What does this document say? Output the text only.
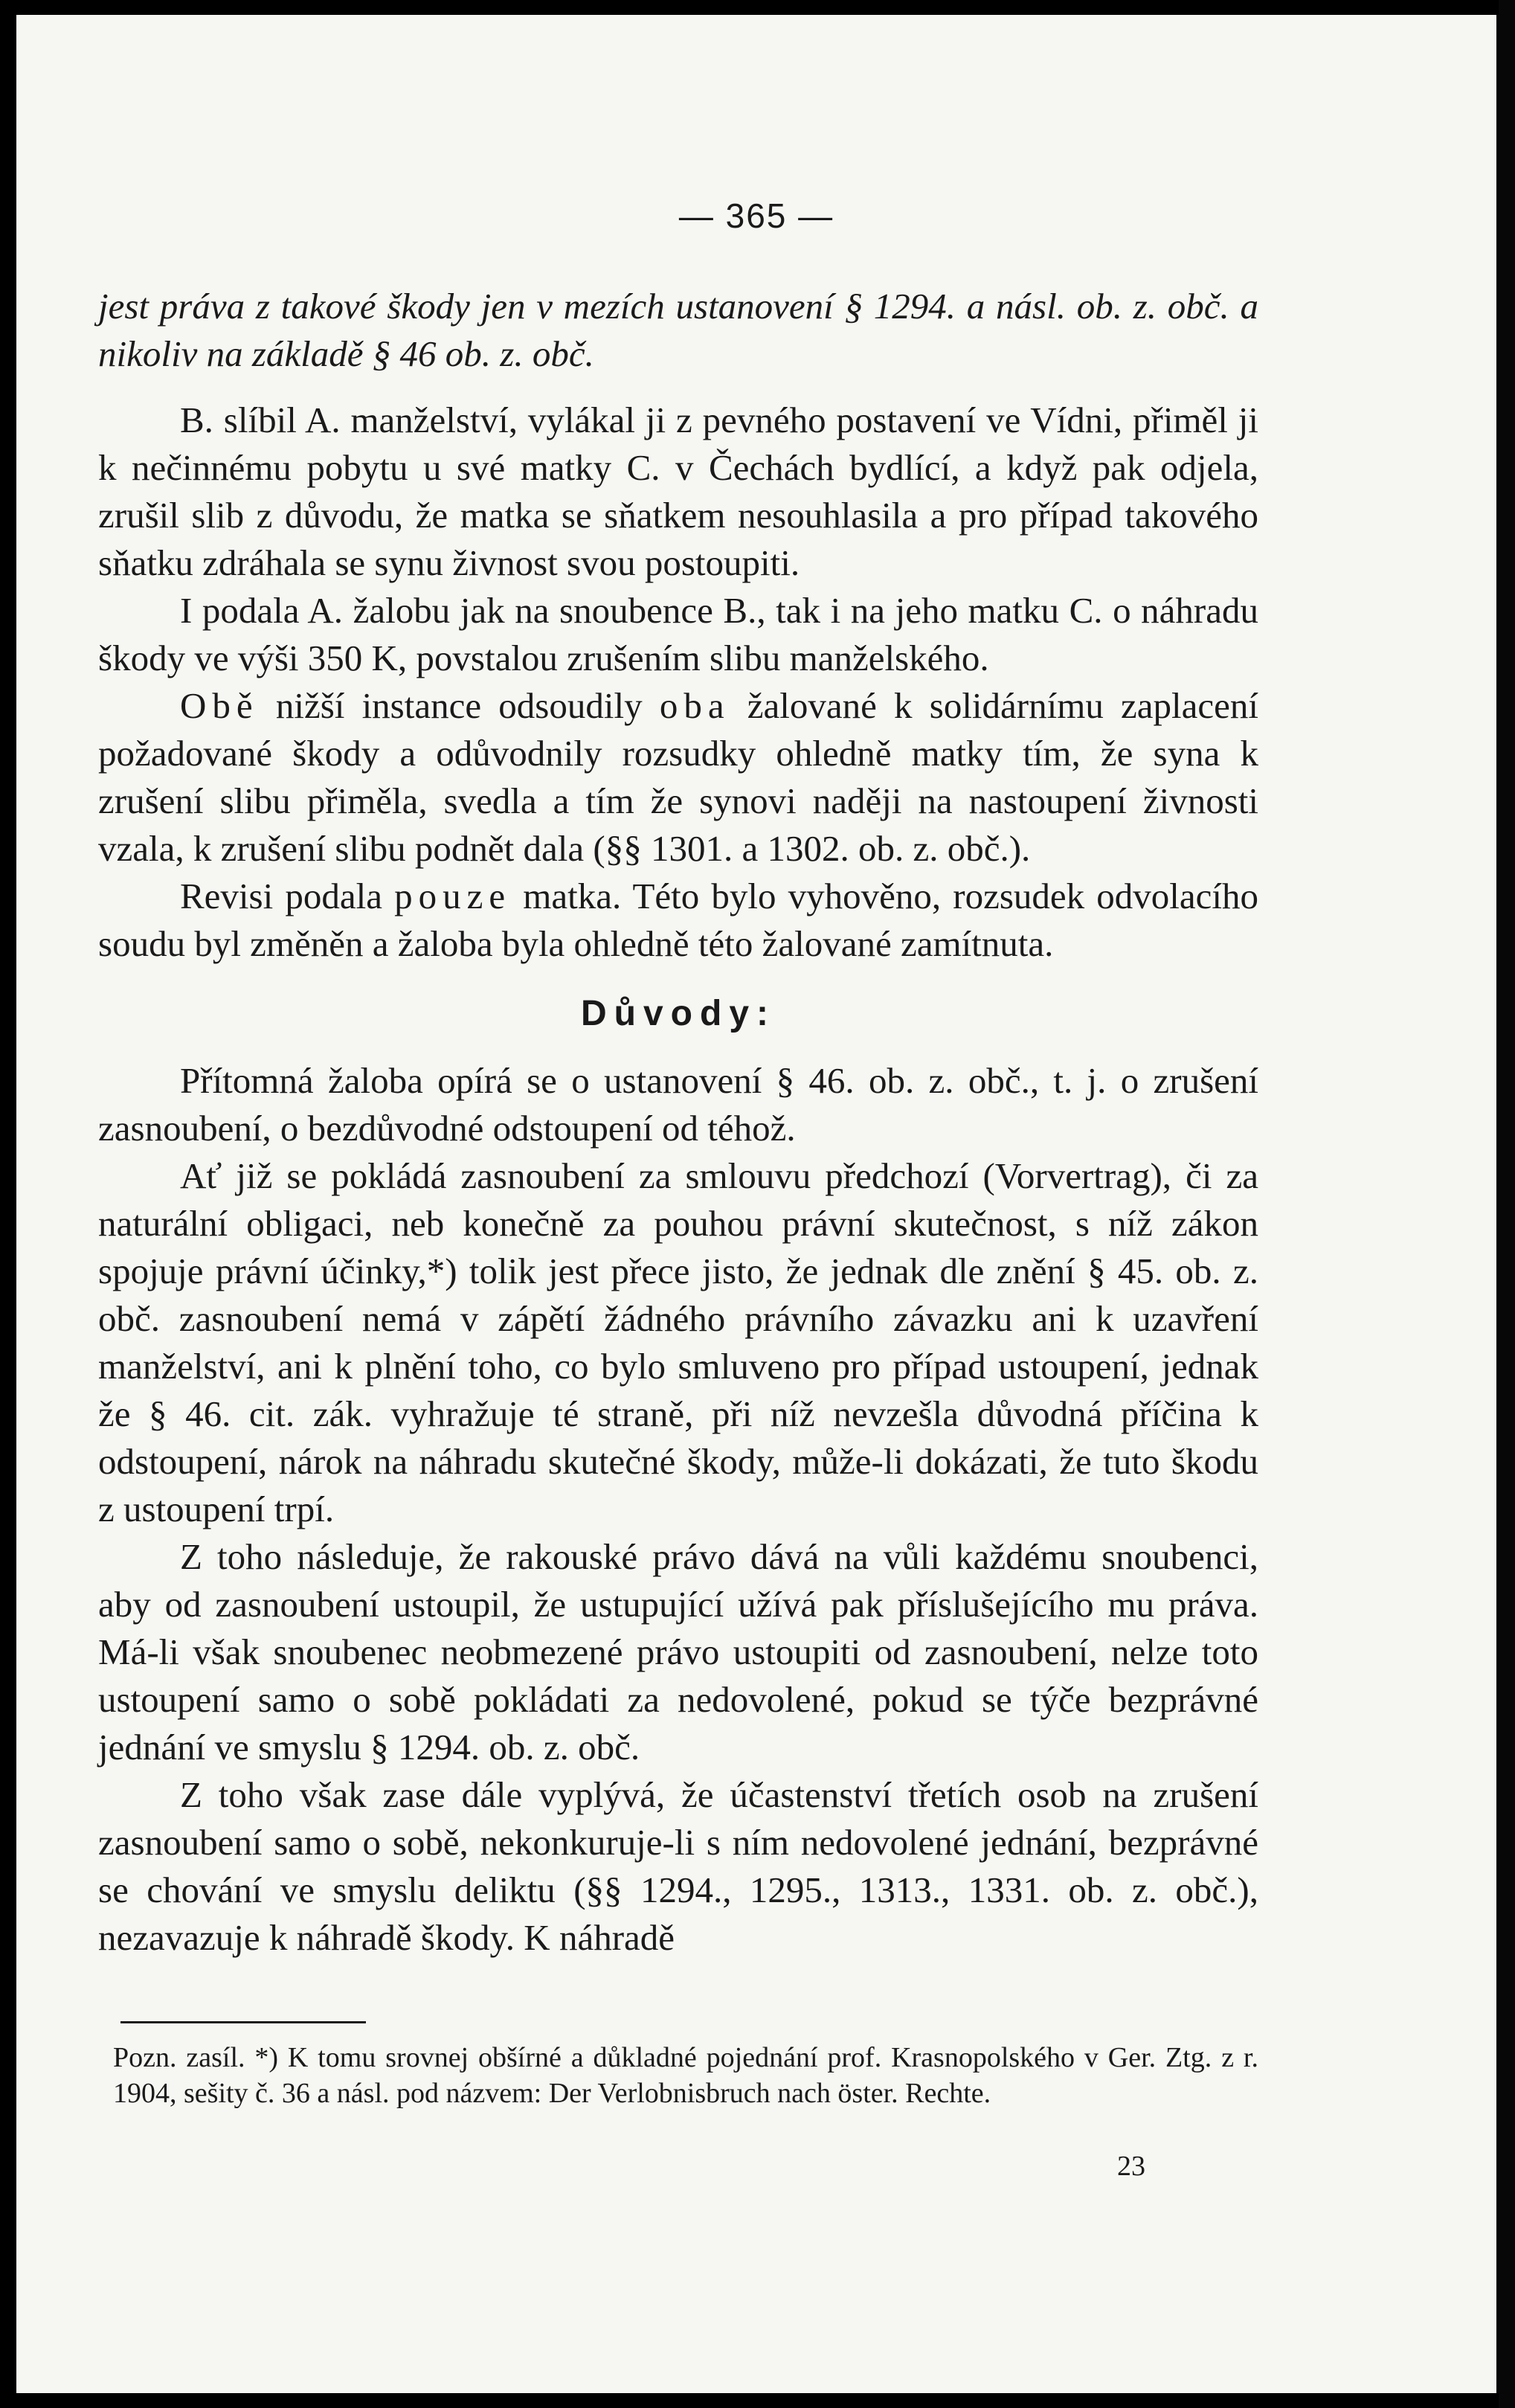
— 365 —

jest práva z takové škody jen v mezích ustanovení § 1294. a násl. ob. z. obč. a nikoliv na základě § 46 ob. z. obč.

B. slíbil A. manželství, vylákal ji z pevného postavení ve Vídni, přiměl ji k nečinnému pobytu u své matky C. v Čechách bydlící, a když pak odjela, zrušil slib z důvodu, že matka se sňatkem nesouhlasila a pro případ takového sňatku zdráhala se synu živnost svou postoupiti.

I podala A. žalobu jak na snoubence B., tak i na jeho matku C. o náhradu škody ve výši 350 K, povstalou zrušením slibu manželského.

Obě nižší instance odsoudily oba žalované k solidárnímu zaplacení požadované škody a odůvodnily rozsudky ohledně matky tím, že syna k zrušení slibu přiměla, svedla a tím že synovi naději na nastoupení živnosti vzala, k zrušení slibu podnět dala (§§ 1301. a 1302. ob. z. obč.).

Revisi podala pouze matka. Této bylo vyhověno, rozsudek odvolacího soudu byl změněn a žaloba byla ohledně této žalované zamítnuta.

Důvody:

Přítomná žaloba opírá se o ustanovení § 46. ob. z. obč., t. j. o zrušení zasnoubení, o bezdůvodné odstoupení od téhož.

Ať již se pokládá zasnoubení za smlouvu předchozí (Vorvertrag), či za naturální obligaci, neb konečně za pouhou právní skutečnost, s níž zákon spojuje právní účinky,*) tolik jest přece jisto, že jednak dle znění § 45. ob. z. obč. zasnoubení nemá v zápětí žádného právního závazku ani k uzavření manželství, ani k plnění toho, co bylo smluveno pro případ ustoupení, jednak že § 46. cit. zák. vyhražuje té straně, při níž nevzešla důvodná příčina k odstoupení, nárok na náhradu skutečné škody, může-li dokázati, že tuto škodu z ustoupení trpí.

Z toho následuje, že rakouské právo dává na vůli každému snoubenci, aby od zasnoubení ustoupil, že ustupující užívá pak příslušejícího mu práva. Má-li však snoubenec neobmezené právo ustoupiti od zasnoubení, nelze toto ustoupení samo o sobě pokládati za nedovolené, pokud se týče bezprávné jednání ve smyslu § 1294. ob. z. obč.

Z toho však zase dále vyplývá, že účastenství třetích osob na zrušení zasnoubení samo o sobě, nekonkuruje-li s ním nedovolené jednání, bezprávné se chování ve smyslu deliktu (§§ 1294., 1295., 1313., 1331. ob. z. obč.), nezavazuje k náhradě škody. K náhradě

Pozn. zasíl. *) K tomu srovnej obšírné a důkladné pojednání prof. Krasnopolského v Ger. Ztg. z r. 1904, sešity č. 36 a násl. pod názvem: Der Verlobnisbruch nach öster. Rechte.

23
